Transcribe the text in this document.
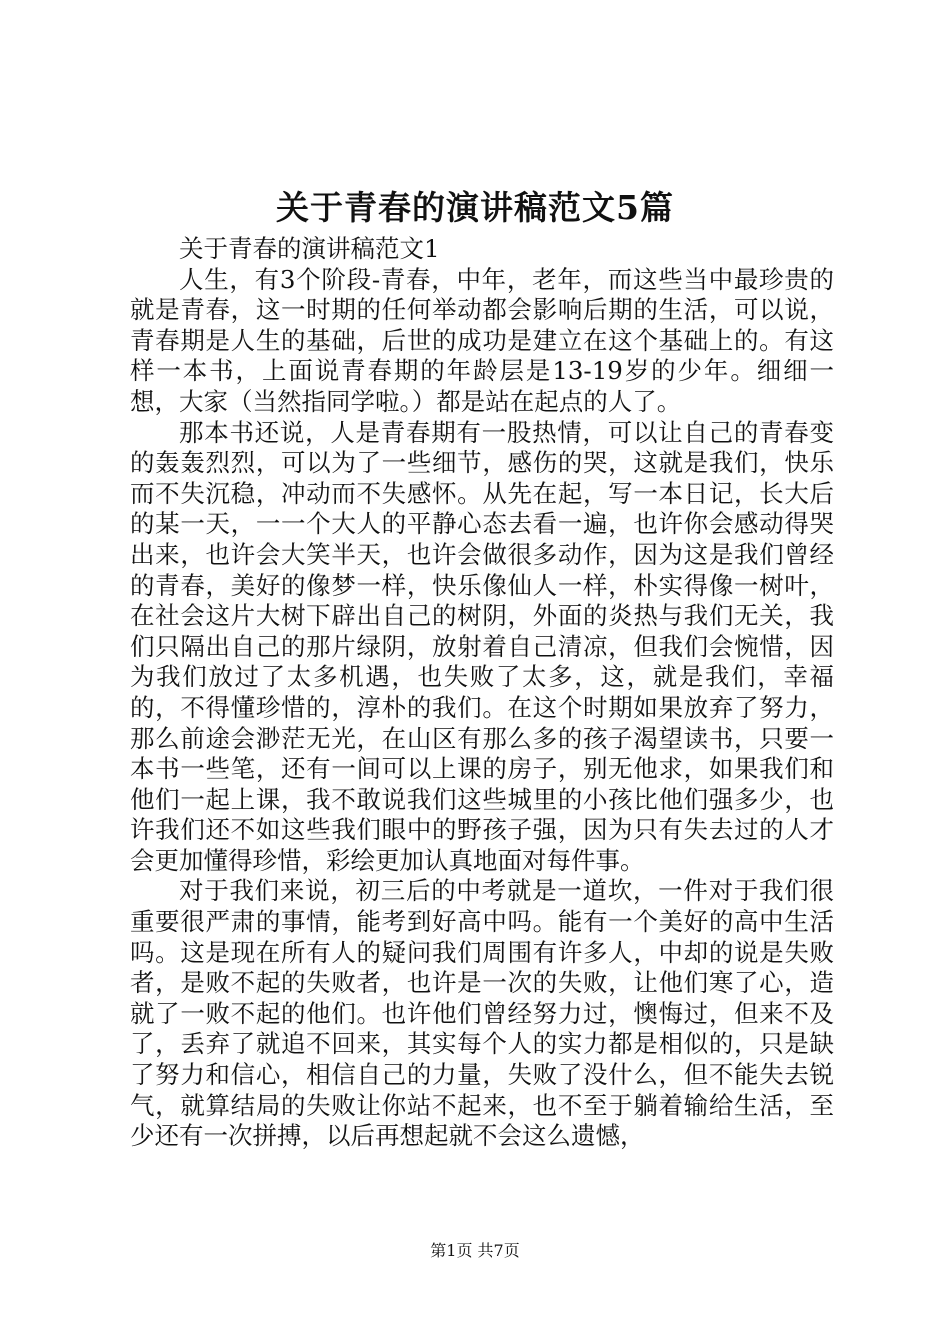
关于青春的演讲稿范文5篇

关于青春的演讲稿范文1

人生，有3个阶段-青春，中年，老年，而这些当中最珍贵的就是青春，这一时期的任何举动都会影响后期的生活，可以说，青春期是人生的基础，后世的成功是建立在这个基础上的。有这样一本书，上面说青春期的年龄层是13-19岁的少年。细细一想，大家（当然指同学啦。）都是站在起点的人了。

那本书还说，人是青春期有一股热情，可以让自己的青春变的轰轰烈烈，可以为了一些细节，感伤的哭，这就是我们，快乐而不失沉稳，冲动而不失感怀。从先在起，写一本日记，长大后的某一天，一一个大人的平静心态去看一遍，也许你会感动得哭出来，也许会大笑半天，也许会做很多动作，因为这是我们曾经的青春，美好的像梦一样，快乐像仙人一样，朴实得像一树叶，在社会这片大树下辟出自己的树阴，外面的炎热与我们无关，我们只隔出自己的那片绿阴，放射着自己清凉，但我们会惋惜，因为我们放过了太多机遇，也失败了太多，这，就是我们，幸福的，不得懂珍惜的，淳朴的我们。在这个时期如果放弃了努力，那么前途会渺茫无光，在山区有那么多的孩子渴望读书，只要一本书一些笔，还有一间可以上课的房子，别无他求，如果我们和他们一起上课，我不敢说我们这些城里的小孩比他们强多少，也许我们还不如这些我们眼中的野孩子强，因为只有失去过的人才会更加懂得珍惜，彩绘更加认真地面对每件事。

对于我们来说，初三后的中考就是一道坎，一件对于我们很重要很严肃的事情，能考到好高中吗。能有一个美好的高中生活吗。这是现在所有人的疑问我们周围有许多人，中却的说是失败者，是败不起的失败者，也许是一次的失败，让他们寒了心，造就了一败不起的他们。也许他们曾经努力过，懊悔过，但来不及了，丢弃了就追不回来，其实每个人的实力都是相似的，只是缺了努力和信心，相信自己的力量，失败了没什么，但不能失去锐气，就算结局的失败让你站不起来，也不至于躺着输给生活，至少还有一次拼搏，以后再想起就不会这么遗憾，

第1页 共7页
